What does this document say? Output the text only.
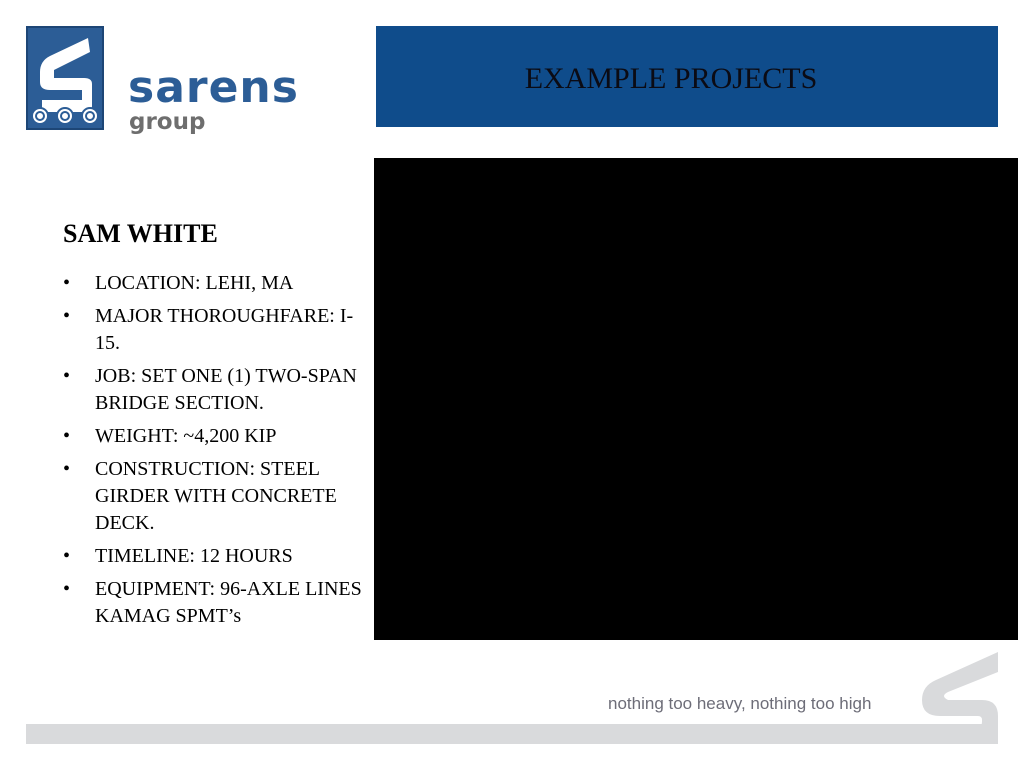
sarens
group
EXAMPLE PROJECTS
SAM WHITE
• LOCATION: LEHI, MA
• MAJOR THOROUGHFARE: I-15.
• JOB: SET ONE (1) TWO-SPAN BRIDGE SECTION.
• WEIGHT: ~4,200 KIP
• CONSTRUCTION: STEEL GIRDER WITH CONCRETE DECK.
• TIMELINE: 12 HOURS
• EQUIPMENT: 96-AXLE LINES KAMAG SPMT’s
nothing too heavy, nothing too high
